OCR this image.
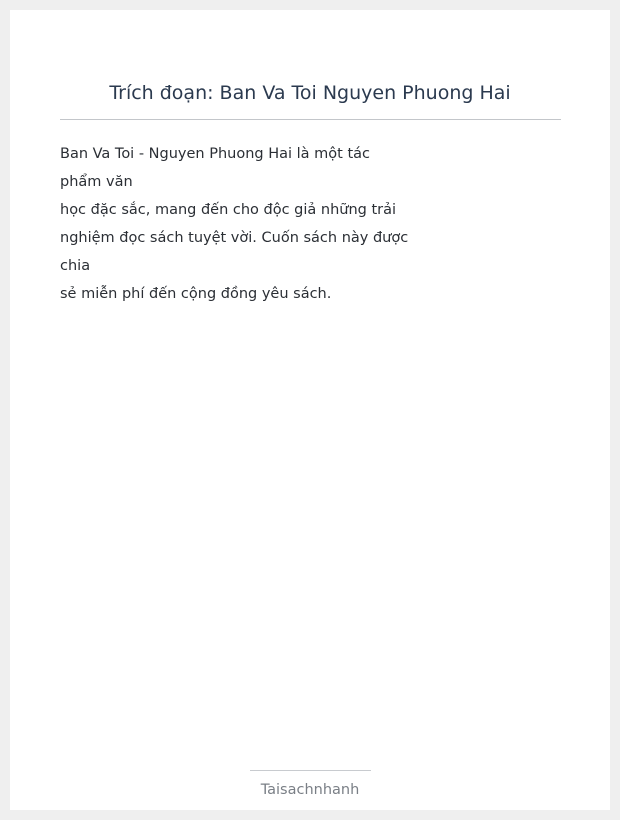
Trích đoạn: Ban Va Toi Nguyen Phuong Hai
Ban Va Toi - Nguyen Phuong Hai là một tác
phẩm văn
học đặc sắc, mang đến cho độc giả những trải
nghiệm đọc sách tuyệt vời. Cuốn sách này được
chia
sẻ miễn phí đến cộng đồng yêu sách.
Taisachnhanh
